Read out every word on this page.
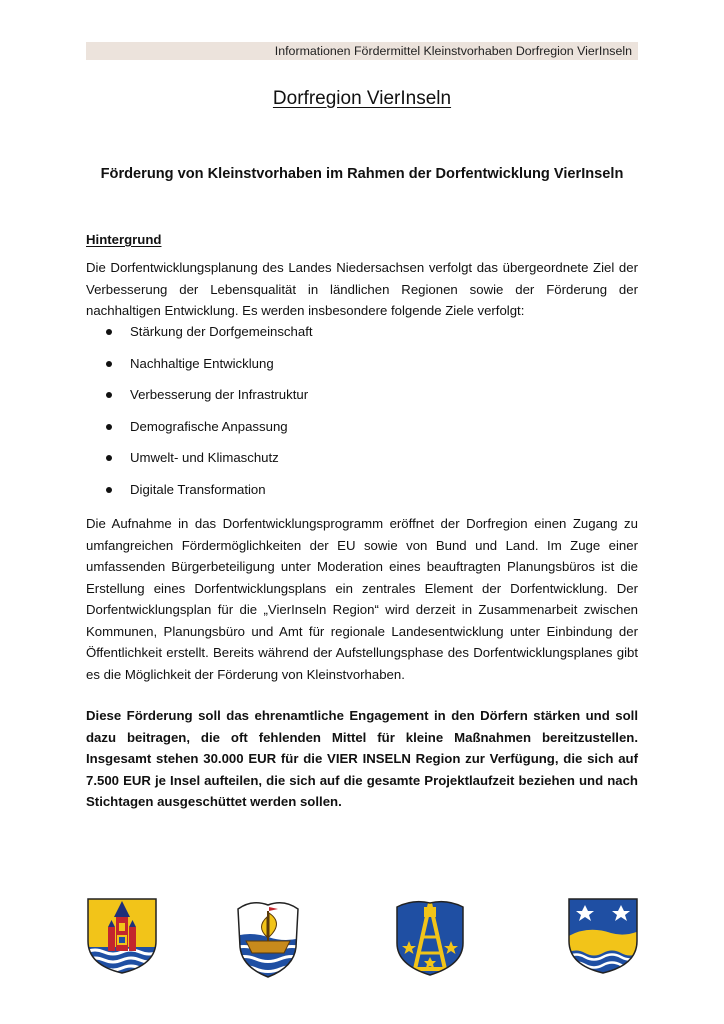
Informationen Fördermittel Kleinstvorhaben Dorfregion VierInseln
Dorfregion VierInseln
Förderung von Kleinstvorhaben im Rahmen der Dorfentwicklung VierInseln
Hintergrund

Die Dorfentwicklungsplanung des Landes Niedersachsen verfolgt das übergeordnete Ziel der Verbesserung der Lebensqualität in ländlichen Regionen sowie der Förderung der nachhaltigen Entwicklung. Es werden insbesondere folgende Ziele verfolgt:

Stärkung der Dorfgemeinschaft
Nachhaltige Entwicklung
Verbesserung der Infrastruktur
Demografische Anpassung
Umwelt- und Klimaschutz
Digitale Transformation

Die Aufnahme in das Dorfentwicklungsprogramm eröffnet der Dorfregion einen Zugang zu umfangreichen Fördermöglichkeiten der EU sowie von Bund und Land. Im Zuge einer umfassenden Bürgerbeteiligung unter Moderation eines beauftragten Planungsbüros ist die Erstellung eines Dorfentwicklungsplans ein zentrales Element der Dorfentwicklung. Der Dorfentwicklungsplan für die „VierInseln Region“ wird derzeit in Zusammenarbeit zwischen Kommunen, Planungsbüro und Amt für regionale Landesentwicklung unter Einbindung der Öffentlichkeit erstellt. Bereits während der Aufstellungsphase des Dorfentwicklungsplanes gibt es die Möglichkeit der Förderung von Kleinstvorhaben.

Diese Förderung soll das ehrenamtliche Engagement in den Dörfern stärken und soll dazu beitragen, die oft fehlenden Mittel für kleine Maßnahmen bereitzustellen. Insgesamt stehen 30.000 EUR für die VIER INSELN Region zur Verfügung, die sich auf 7.500 EUR je Insel aufteilen, die sich auf die gesamte Projektlaufzeit beziehen und nach Stichtagen ausgeschüttet werden sollen.
